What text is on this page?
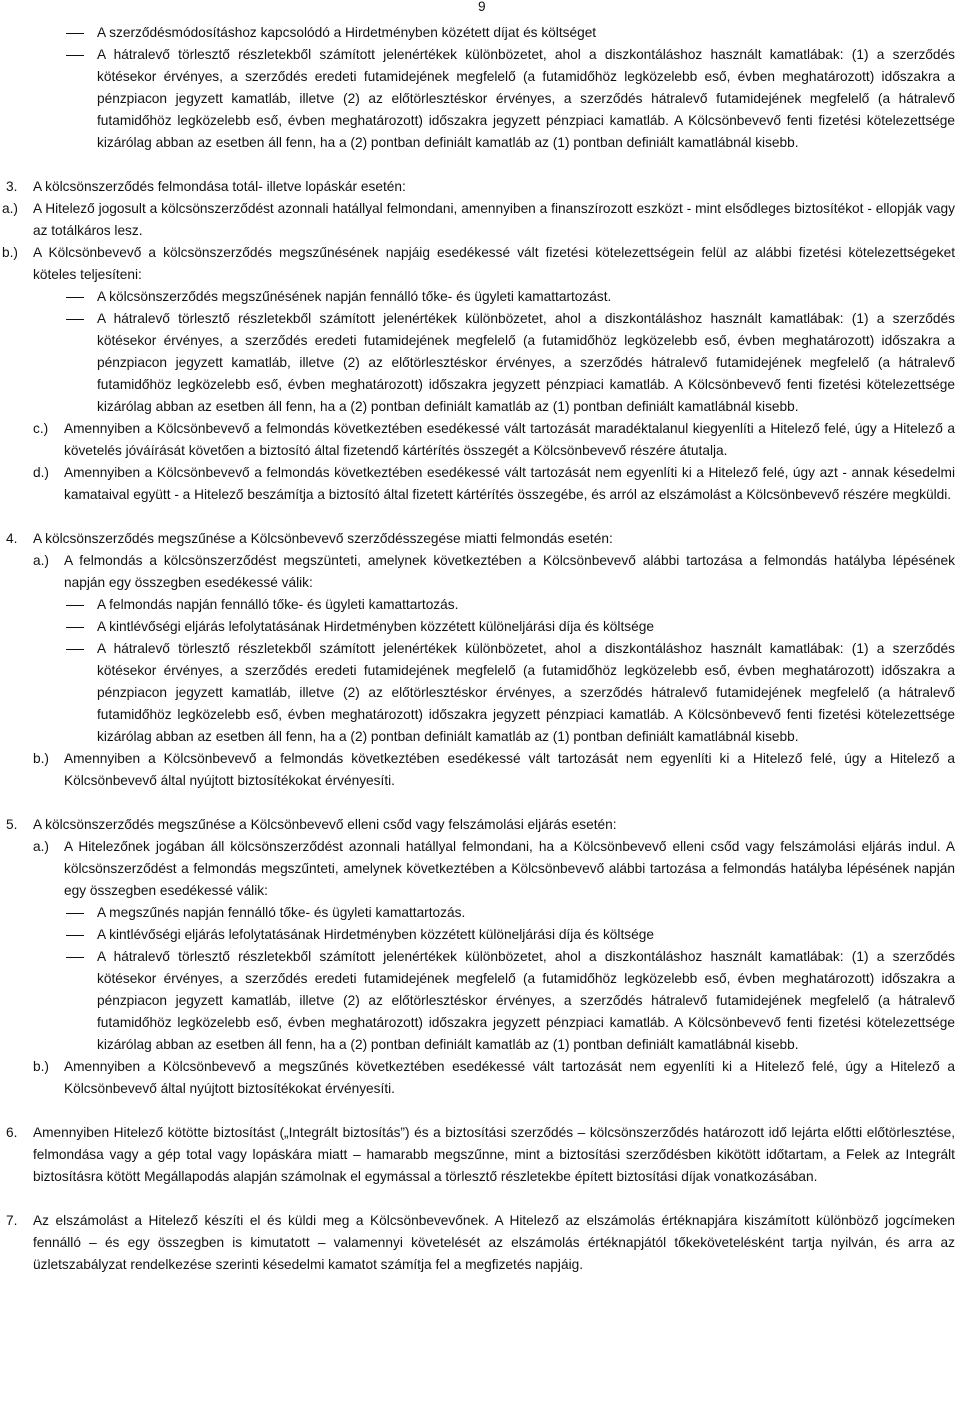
9
A szerződésmódosításhoz kapcsolódó a Hirdetményben közétett díjat és költséget
A hátralevő törlesztő részletekből számított jelenértékek különbözetet, ahol a diszkontáláshoz használt kamatlábak: (1) a szerződés kötésekor érvényes, a szerződés eredeti futamidejének megfelelő (a futamidőhöz legközelebb eső, évben meghatározott) időszakra a pénzpiacon jegyzett kamatláb, illetve (2) az előtörlesztéskor érvényes, a szerződés hátralevő futamidejének megfelelő (a hátralevő futamidőhöz legközelebb eső, évben meghatározott) időszakra jegyzett pénzpiaci kamatláb. A Kölcsönbevevő fenti fizetési kötelezettsége kizárólag abban az esetben áll fenn, ha a (2) pontban definiált kamatláb az (1) pontban definiált kamatlábnál kisebb.
3. A kölcsönszerződés felmondása totál- illetve lopáskár esetén:
a.) A Hitelező jogosult a kölcsönszerződést azonnali hatállyal felmondani, amennyiben a finanszírozott eszközt - mint elsődleges biztosítékot - ellopják vagy az totálkáros lesz.
b.) A Kölcsönbevevő a kölcsönszerződés megszűnésének napjáig esedékessé vált fizetési kötelezettségein felül az alábbi fizetési kötelezettségeket köteles teljesíteni:
A kölcsönszerződés megszűnésének napján fennálló tőke- és ügyleti kamattartozást.
A hátralevő törlesztő részletekből számított jelenértékek különbözetet, ahol a diszkontáláshoz használt kamatlábak: (1) a szerződés kötésekor érvényes, a szerződés eredeti futamidejének megfelelő (a futamidőhöz legközelebb eső, évben meghatározott) időszakra a pénzpiacon jegyzett kamatláb, illetve (2) az előtörlesztéskor érvényes, a szerződés hátralevő futamidejének megfelelő (a hátralevő futamidőhöz legközelebb eső, évben meghatározott) időszakra jegyzett pénzpiaci kamatláb. A Kölcsönbevevő fenti fizetési kötelezettsége kizárólag abban az esetben áll fenn, ha a (2) pontban definiált kamatláb az (1) pontban definiált kamatlábnál kisebb.
c.) Amennyiben a Kölcsönbevevő a felmondás következtében esedékessé vált tartozását maradéktalanul kiegyenlíti a Hitelező felé, úgy a Hitelező a követelés jóváírását követően a biztosító által fizetendő kártérítés összegét a Kölcsönbevevő részére átutalja.
d.) Amennyiben a Kölcsönbevevő a felmondás következtében esedékessé vált tartozását nem egyenlíti ki a Hitelező felé, úgy azt - annak késedelmi kamataival együtt - a Hitelező beszámítja a biztosító által fizetett kártérítés összegébe, és arról az elszámolást a Kölcsönbevevő részére megküldi.
4. A kölcsönszerződés megszűnése a Kölcsönbevevő szerződésszegése miatti felmondás esetén:
a.) A felmondás a kölcsönszerződést megszünteti, amelynek következtében a Kölcsönbevevő alábbi tartozása a felmondás hatályba lépésének napján egy összegben esedékessé válik:
A felmondás napján fennálló tőke- és ügyleti kamattartozás.
A kintlévőségi eljárás lefolytatásának Hirdetményben közzétett különeljárási díja és költsége
A hátralevő törlesztő részletekből számított jelenértékek különbözetet, ahol a diszkontáláshoz használt kamatlábak: (1) a szerződés kötésekor érvényes, a szerződés eredeti futamidejének megfelelő (a futamidőhöz legközelebb eső, évben meghatározott) időszakra a pénzpiacon jegyzett kamatláb, illetve (2) az előtörlesztéskor érvényes, a szerződés hátralevő futamidejének megfelelő (a hátralevő futamidőhöz legközelebb eső, évben meghatározott) időszakra jegyzett pénzpiaci kamatláb. A Kölcsönbevevő fenti fizetési kötelezettsége kizárólag abban az esetben áll fenn, ha a (2) pontban definiált kamatláb az (1) pontban definiált kamatlábnál kisebb.
b.) Amennyiben a Kölcsönbevevő a felmondás következtében esedékessé vált tartozását nem egyenlíti ki a Hitelező felé, úgy a Hitelező a Kölcsönbevevő által nyújtott biztosítékokat érvényesíti.
5. A kölcsönszerződés megszűnése a Kölcsönbevevő elleni csőd vagy felszámolási eljárás esetén:
a.) A Hitelezőnek jogában áll kölcsönszerződést azonnali hatállyal felmondani, ha a Kölcsönbevevő elleni csőd vagy felszámolási eljárás indul. A kölcsönszerződést a felmondás megszűnteti, amelynek következtében a Kölcsönbevevő alábbi tartozása a felmondás hatályba lépésének napján egy összegben esedékessé válik:
A megszűnés napján fennálló tőke- és ügyleti kamattartozás.
A kintlévőségi eljárás lefolytatásának Hirdetményben közzétett különeljárási díja és költsége
A hátralevő törlesztő részletekből számított jelenértékek különbözetet, ahol a diszkontáláshoz használt kamatlábak: (1) a szerződés kötésekor érvényes, a szerződés eredeti futamidejének megfelelő (a futamidőhöz legközelebb eső, évben meghatározott) időszakra a pénzpiacon jegyzett kamatláb, illetve (2) az előtörlesztéskor érvényes, a szerződés hátralevő futamidejének megfelelő (a hátralevő futamidőhöz legközelebb eső, évben meghatározott) időszakra jegyzett pénzpiaci kamatláb. A Kölcsönbevevő fenti fizetési kötelezettsége kizárólag abban az esetben áll fenn, ha a (2) pontban definiált kamatláb az (1) pontban definiált kamatlábnál kisebb.
b.) Amennyiben a Kölcsönbevevő a megszűnés következtében esedékessé vált tartozását nem egyenlíti ki a Hitelező felé, úgy a Hitelező a Kölcsönbevevő által nyújtott biztosítékokat érvényesíti.
6. Amennyiben Hitelező kötötte biztosítást („Integrált biztosítás”) és a biztosítási szerződés – kölcsönszerződés határozott idő lejárta előtti előtörlesztése, felmondása vagy a gép total vagy lopáskára miatt – hamarabb megszűnne, mint a biztosítási szerződésben kikötött időtartam, a Felek az Integrált biztosításra kötött Megállapodás alapján számolnak el egymással a törlesztő részletekbe épített biztosítási díjak vonatkozásában.
7. Az elszámolást a Hitelező készíti el és küldi meg a Kölcsönbevevőnek. A Hitelező az elszámolás értéknapjára kiszámított különböző jogcímeken fennálló – és egy összegben is kimutatott – valamennyi követelését az elszámolás értéknapjától tőkekövetelésként tartja nyilván, és arra az üzletszabályzat rendelkezése szerinti késedelmi kamatot számítja fel a megfizetés napjáig.
